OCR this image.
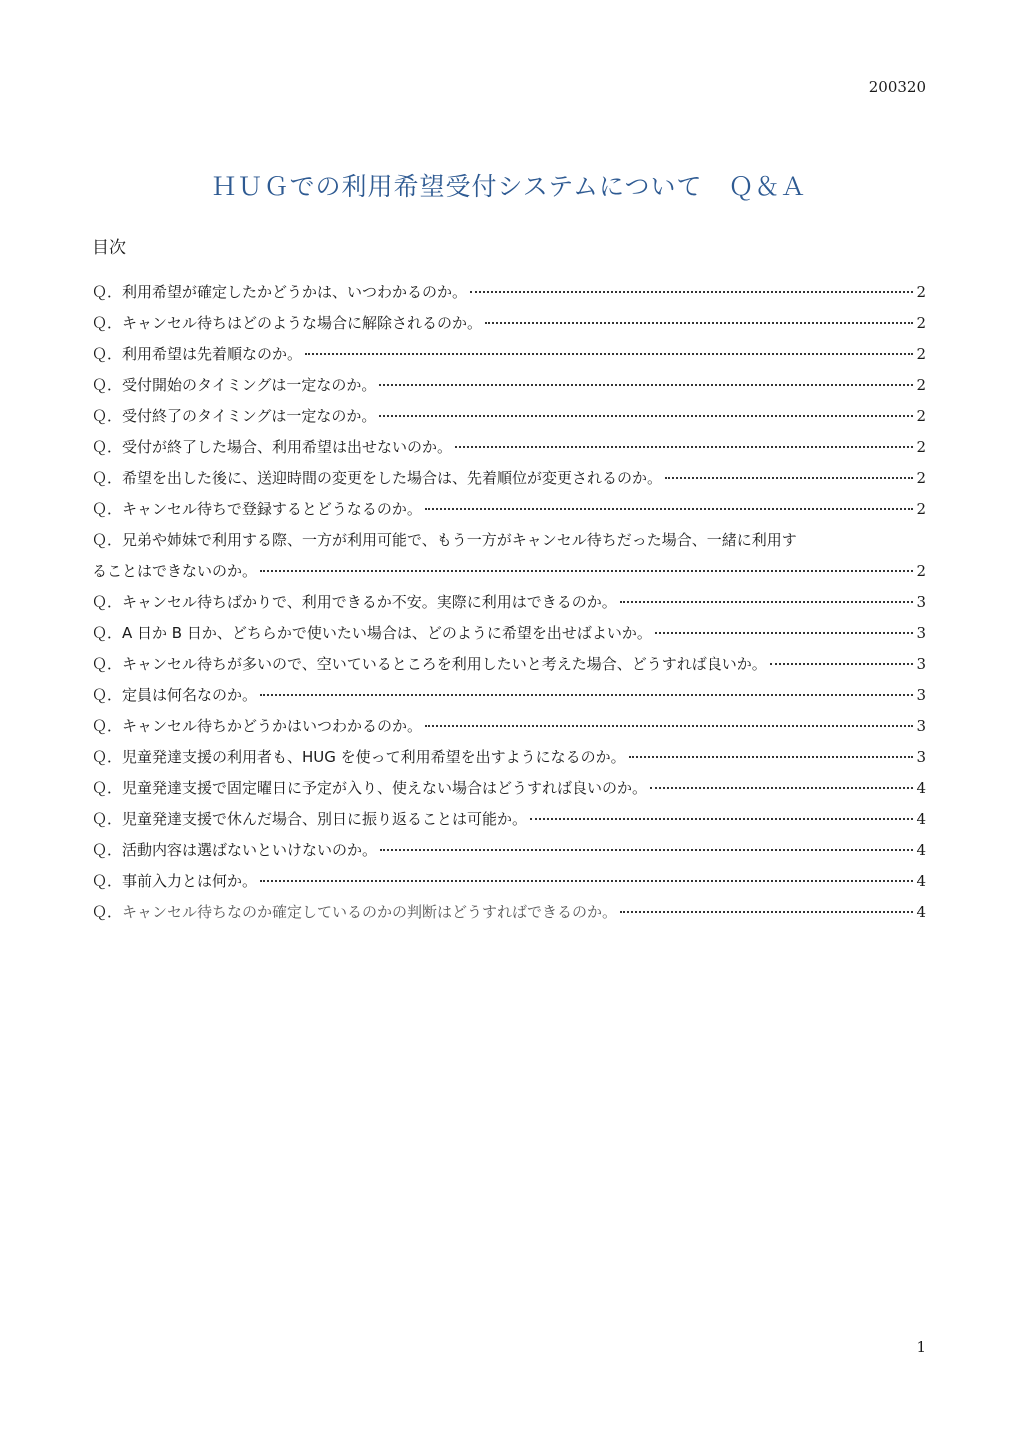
200320
ＨＵＧでの利用希望受付システムについて　Ｑ＆Ａ
目次
Ｑ．利用希望が確定したかどうかは、いつわかるのか。	2
Ｑ．キャンセル待ちはどのような場合に解除されるのか。	2
Ｑ．利用希望は先着順なのか。	2
Ｑ．受付開始のタイミングは一定なのか。	2
Ｑ．受付終了のタイミングは一定なのか。	2
Ｑ．受付が終了した場合、利用希望は出せないのか。	2
Ｑ．希望を出した後に、送迎時間の変更をした場合は、先着順位が変更されるのか。	2
Ｑ．キャンセル待ちで登録するとどうなるのか。	2
Ｑ．兄弟や姉妹で利用する際、一方が利用可能で、もう一方がキャンセル待ちだった場合、一緒に利用す
ることはできないのか。	2
Ｑ．キャンセル待ちばかりで、利用できるか不安。実際に利用はできるのか。	3
Ｑ．A 日か B 日か、どちらかで使いたい場合は、どのように希望を出せばよいか。	3
Ｑ．キャンセル待ちが多いので、空いているところを利用したいと考えた場合、どうすれば良いか。	3
Ｑ．定員は何名なのか。	3
Ｑ．キャンセル待ちかどうかはいつわかるのか。	3
Ｑ．児童発達支援の利用者も、HUG を使って利用希望を出すようになるのか。	3
Ｑ．児童発達支援で固定曜日に予定が入り、使えない場合はどうすれば良いのか。	4
Ｑ．児童発達支援で休んだ場合、別日に振り返ることは可能か。	4
Ｑ．活動内容は選ばないといけないのか。	4
Ｑ．事前入力とは何か。	4
Ｑ．キャンセル待ちなのか確定しているのかの判断はどうすればできるのか。	4
1
